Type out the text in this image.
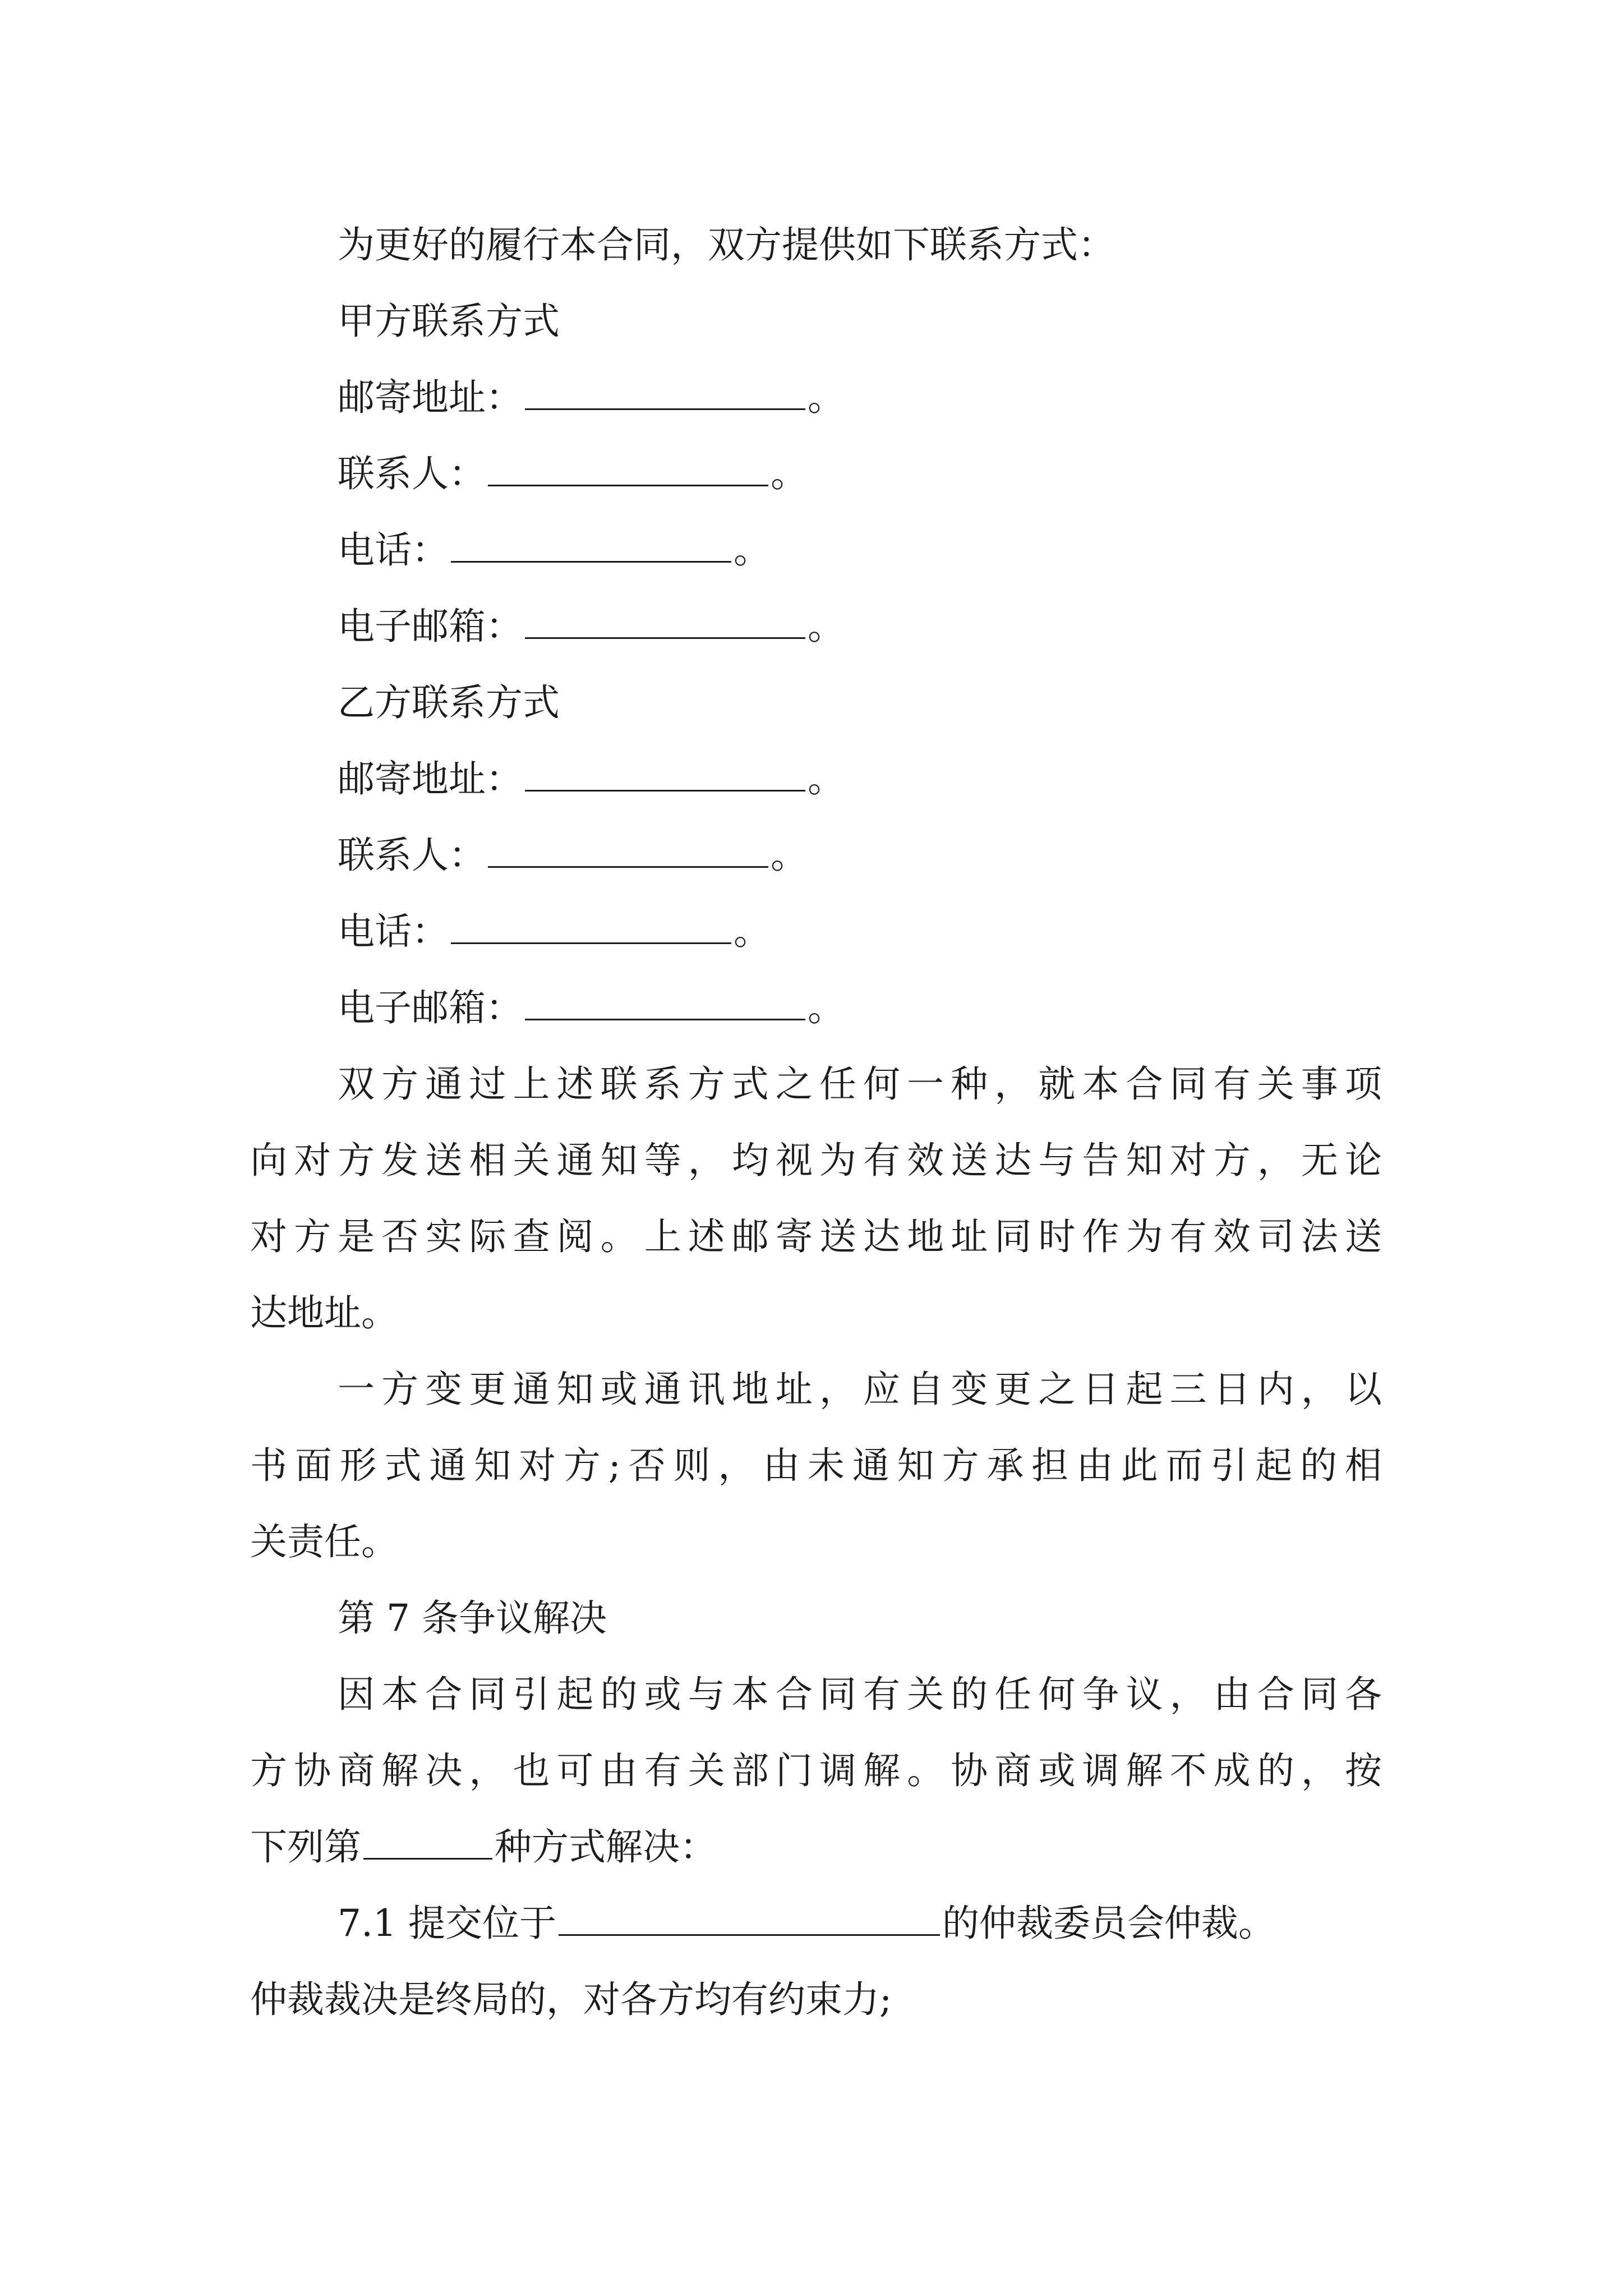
为更好的履行本合同，双方提供如下联系方式：
甲方联系方式
邮寄地址：	。
联系人：	。
电话：	。
电子邮箱：	。
乙方联系方式
邮寄地址：	。
联系人：	。
电话：	。
电子邮箱：	。
双方通过上述联系方式之任何一种，就本合同有关事项
向对方发送相关通知等，均视为有效送达与告知对方，无论
对方是否实际查阅。上述邮寄送达地址同时作为有效司法送
达地址。
一方变更通知或通讯地址，应自变更之日起三日内，以
书面形式通知对方;否则，由未通知方承担由此而引起的相
关责任。
第 7 条争议解决
因本合同引起的或与本合同有关的任何争议，由合同各
方协商解决，也可由有关部门调解。协商或调解不成的，按
下列第	种方式解决：
7.1 提交位于	的仲裁委员会仲裁。
仲裁裁决是终局的，对各方均有约束力;
